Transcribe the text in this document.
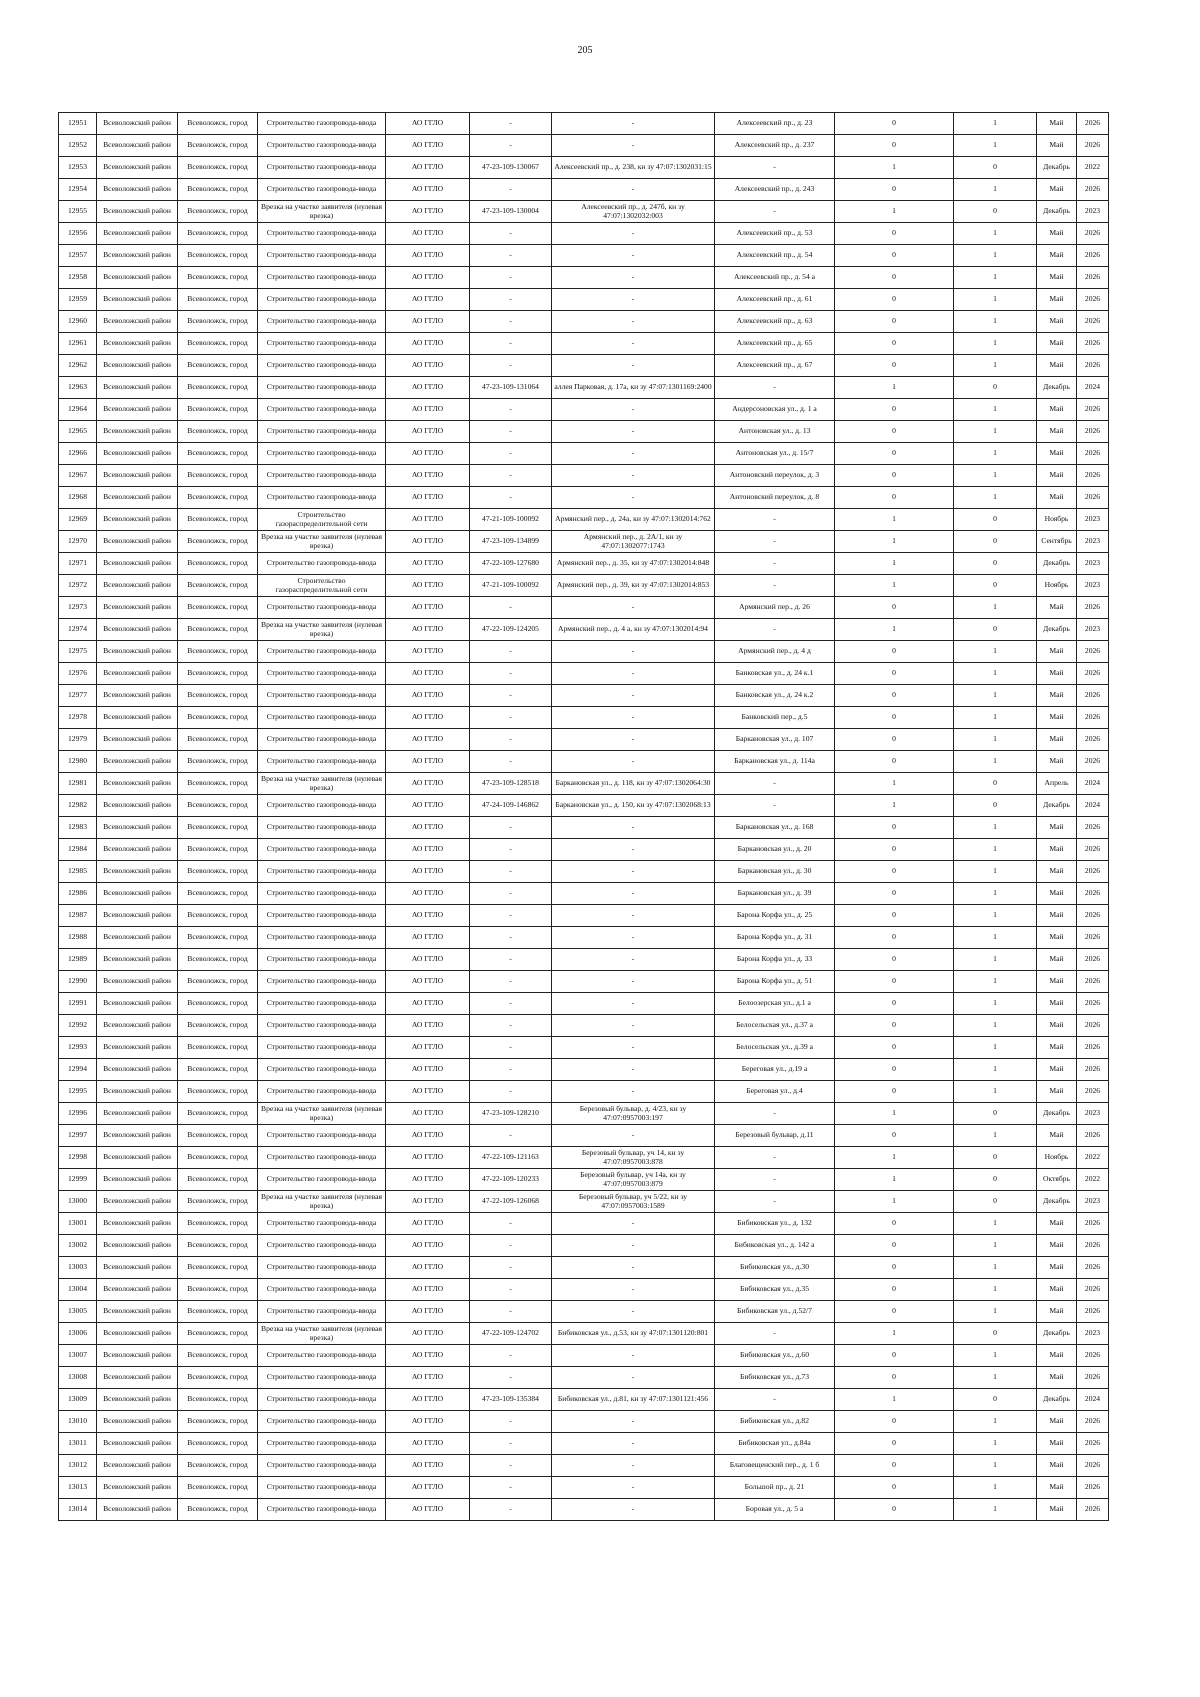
205
12951	Всеволожский район	Всеволожск, город	Строительство газопровода-ввода	АО ГГЛО	-	-	Алексеевский пр., д. 23	0	1	Май	2026
12952	Всеволожский район	Всеволожск, город	Строительство газопровода-ввода	АО ГГЛО	-	-	Алексеевский пр., д. 237	0	1	Май	2026
12953	Всеволожский район	Всеволожск, город	Строительство газопровода-ввода	АО ГГЛО	47-23-109-130067	Алексеевский пр., д. 238, кн зу 47:07:1302031:15	-	1	0	Декабрь	2022
12954	Всеволожский район	Всеволожск, город	Строительство газопровода-ввода	АО ГГЛО	-	-	Алексеевский пр., д. 243	0	1	Май	2026
12955	Всеволожский район	Всеволожск, город	Врезка на участке заявителя (нулевая врезка)	АО ГГЛО	47-23-109-130004	Алексеевский пр., д. 247б, кн зу 47:07:1302032:003	-	1	0	Декабрь	2023
12956	Всеволожский район	Всеволожск, город	Строительство газопровода-ввода	АО ГГЛО	-	-	Алексеевский пр., д. 53	0	1	Май	2026
12957	Всеволожский район	Всеволожск, город	Строительство газопровода-ввода	АО ГГЛО	-	-	Алексеевский пр., д. 54	0	1	Май	2026
12958	Всеволожский район	Всеволожск, город	Строительство газопровода-ввода	АО ГГЛО	-	-	Алексеевский пр., д. 54 а	0	1	Май	2026
12959	Всеволожский район	Всеволожск, город	Строительство газопровода-ввода	АО ГГЛО	-	-	Алексеевский пр., д. 61	0	1	Май	2026
12960	Всеволожский район	Всеволожск, город	Строительство газопровода-ввода	АО ГГЛО	-	-	Алексеевский пр., д. 63	0	1	Май	2026
12961	Всеволожский район	Всеволожск, город	Строительство газопровода-ввода	АО ГГЛО	-	-	Алексеевский пр., д. 65	0	1	Май	2026
12962	Всеволожский район	Всеволожск, город	Строительство газопровода-ввода	АО ГГЛО	-	-	Алексеевский пр., д. 67	0	1	Май	2026
12963	Всеволожский район	Всеволожск, город	Строительство газопровода-ввода	АО ГГЛО	47-23-109-131064	аллея Парковая, д. 17а, кн зу 47:07:1301169:2400	-	1	0	Декабрь	2024
12964	Всеволожский район	Всеволожск, город	Строительство газопровода-ввода	АО ГГЛО	-	-	Андерсоновская ул., д. 1 а	0	1	Май	2026
12965	Всеволожский район	Всеволожск, город	Строительство газопровода-ввода	АО ГГЛО	-	-	Антоновская ул., д. 13	0	1	Май	2026
12966	Всеволожский район	Всеволожск, город	Строительство газопровода-ввода	АО ГГЛО	-	-	Антоновская ул., д. 15/7	0	1	Май	2026
12967	Всеволожский район	Всеволожск, город	Строительство газопровода-ввода	АО ГГЛО	-	-	Антоновский переулок, д. 3	0	1	Май	2026
12968	Всеволожский район	Всеволожск, город	Строительство газопровода-ввода	АО ГГЛО	-	-	Антоновский переулок, д. 8	0	1	Май	2026
12969	Всеволожский район	Всеволожск, город	Строительство газораспределительной сети	АО ГГЛО	47-21-109-100092	Армянский пер., д. 24а, кн зу 47:07:1302014:762	-	1	0	Ноябрь	2023
12970	Всеволожский район	Всеволожск, город	Врезка на участке заявителя (нулевая врезка)	АО ГГЛО	47-23-109-134899	Армянский пер., д. 2А/1, кн зу 47:07:1302077:1743	-	1	0	Сентябрь	2023
12971	Всеволожский район	Всеволожск, город	Строительство газопровода-ввода	АО ГГЛО	47-22-109-127680	Армянский пер., д. 35, кн зу 47:07:1302014:848	-	1	0	Декабрь	2023
12972	Всеволожский район	Всеволожск, город	Строительство газораспределительной сети	АО ГГЛО	47-21-109-100092	Армянский пер., д. 39, кн зу 47:07:1302014:853	-	1	0	Ноябрь	2023
12973	Всеволожский район	Всеволожск, город	Строительство газопровода-ввода	АО ГГЛО	-	-	Армянский пер., д. 26	0	1	Май	2026
12974	Всеволожский район	Всеволожск, город	Врезка на участке заявителя (нулевая врезка)	АО ГГЛО	47-22-109-124205	Армянский пер., д. 4 а, кн зу 47:07:1302014:94	-	1	0	Декабрь	2023
12975	Всеволожский район	Всеволожск, город	Строительство газопровода-ввода	АО ГГЛО	-	-	Армянский пер., д. 4 д	0	1	Май	2026
12976	Всеволожский район	Всеволожск, город	Строительство газопровода-ввода	АО ГГЛО	-	-	Банковская ул., д. 24 к.1	0	1	Май	2026
12977	Всеволожский район	Всеволожск, город	Строительство газопровода-ввода	АО ГГЛО	-	-	Банковская ул., д. 24 к.2	0	1	Май	2026
12978	Всеволожский район	Всеволожск, город	Строительство газопровода-ввода	АО ГГЛО	-	-	Банковский пер., д.5	0	1	Май	2026
12979	Всеволожский район	Всеволожск, город	Строительство газопровода-ввода	АО ГГЛО	-	-	Баркановская ул., д. 107	0	1	Май	2026
12980	Всеволожский район	Всеволожск, город	Строительство газопровода-ввода	АО ГГЛО	-	-	Баркановская ул., д. 114а	0	1	Май	2026
12981	Всеволожский район	Всеволожск, город	Врезка на участке заявителя (нулевая врезка)	АО ГГЛО	47-23-109-128518	Баркановская ул., д. 118, кн зу 47:07:1302064:30	-	1	0	Апрель	2024
12982	Всеволожский район	Всеволожск, город	Строительство газопровода-ввода	АО ГГЛО	47-24-109-146862	Баркановская ул., д. 150, кн зу 47:07:1302068:13	-	1	0	Декабрь	2024
12983	Всеволожский район	Всеволожск, город	Строительство газопровода-ввода	АО ГГЛО	-	-	Баркановская ул., д. 168	0	1	Май	2026
12984	Всеволожский район	Всеволожск, город	Строительство газопровода-ввода	АО ГГЛО	-	-	Баркановская ул., д. 20	0	1	Май	2026
12985	Всеволожский район	Всеволожск, город	Строительство газопровода-ввода	АО ГГЛО	-	-	Баркановская ул., д. 30	0	1	Май	2026
12986	Всеволожский район	Всеволожск, город	Строительство газопровода-ввода	АО ГГЛО	-	-	Баркановская ул., д. 39	0	1	Май	2026
12987	Всеволожский район	Всеволожск, город	Строительство газопровода-ввода	АО ГГЛО	-	-	Барона Корфа ул., д. 25	0	1	Май	2026
12988	Всеволожский район	Всеволожск, город	Строительство газопровода-ввода	АО ГГЛО	-	-	Барона Корфа ул., д. 31	0	1	Май	2026
12989	Всеволожский район	Всеволожск, город	Строительство газопровода-ввода	АО ГГЛО	-	-	Барона Корфа ул., д. 33	0	1	Май	2026
12990	Всеволожский район	Всеволожск, город	Строительство газопровода-ввода	АО ГГЛО	-	-	Барона Корфа ул., д. 51	0	1	Май	2026
12991	Всеволожский район	Всеволожск, город	Строительство газопровода-ввода	АО ГГЛО	-	-	Белоозерская ул., д.1 а	0	1	Май	2026
12992	Всеволожский район	Всеволожск, город	Строительство газопровода-ввода	АО ГГЛО	-	-	Белосельская ул., д.37 а	0	1	Май	2026
12993	Всеволожский район	Всеволожск, город	Строительство газопровода-ввода	АО ГГЛО	-	-	Белосельская ул., д.39 а	0	1	Май	2026
12994	Всеволожский район	Всеволожск, город	Строительство газопровода-ввода	АО ГГЛО	-	-	Береговая ул., д.19 а	0	1	Май	2026
12995	Всеволожский район	Всеволожск, город	Строительство газопровода-ввода	АО ГГЛО	-	-	Береговая ул., д.4	0	1	Май	2026
12996	Всеволожский район	Всеволожск, город	Врезка на участке заявителя (нулевая врезка)	АО ГГЛО	47-23-109-128210	Березовый бульвар, д. 4/23, кн зу 47:07:0957003:197	-	1	0	Декабрь	2023
12997	Всеволожский район	Всеволожск, город	Строительство газопровода-ввода	АО ГГЛО	-	-	Березовый бульвар, д.11	0	1	Май	2026
12998	Всеволожский район	Всеволожск, город	Строительство газопровода-ввода	АО ГГЛО	47-22-109-121163	Березовый бульвар, уч 14, кн зу 47:07:0957003:878	-	1	0	Ноябрь	2022
12999	Всеволожский район	Всеволожск, город	Строительство газопровода-ввода	АО ГГЛО	47-22-109-120233	Березовый бульвар, уч 14а, кн зу 47:07:0957003:879	-	1	0	Октябрь	2022
13000	Всеволожский район	Всеволожск, город	Врезка на участке заявителя (нулевая врезка)	АО ГГЛО	47-22-109-126068	Березовый бульвар, уч 5/22, кн зу 47:07:0957003:1589	-	1	0	Декабрь	2023
13001	Всеволожский район	Всеволожск, город	Строительство газопровода-ввода	АО ГГЛО	-	-	Бибиковская ул., д. 132	0	1	Май	2026
13002	Всеволожский район	Всеволожск, город	Строительство газопровода-ввода	АО ГГЛО	-	-	Бибиковская ул., д. 142 а	0	1	Май	2026
13003	Всеволожский район	Всеволожск, город	Строительство газопровода-ввода	АО ГГЛО	-	-	Бибиковская ул., д.30	0	1	Май	2026
13004	Всеволожский район	Всеволожск, город	Строительство газопровода-ввода	АО ГГЛО	-	-	Бибиковская ул., д.35	0	1	Май	2026
13005	Всеволожский район	Всеволожск, город	Строительство газопровода-ввода	АО ГГЛО	-	-	Бибиковская ул., д.52/7	0	1	Май	2026
13006	Всеволожский район	Всеволожск, город	Врезка на участке заявителя (нулевая врезка)	АО ГГЛО	47-22-109-124702	Бибиковская ул., д.53, кн зу 47:07:1301120:801	-	1	0	Декабрь	2023
13007	Всеволожский район	Всеволожск, город	Строительство газопровода-ввода	АО ГГЛО	-	-	Бибиковская ул., д.60	0	1	Май	2026
13008	Всеволожский район	Всеволожск, город	Строительство газопровода-ввода	АО ГГЛО	-	-	Бибиковская ул., д.73	0	1	Май	2026
13009	Всеволожский район	Всеволожск, город	Строительство газопровода-ввода	АО ГГЛО	47-23-109-135384	Бибиковская ул., д.81, кн зу 47:07:1301121:456	-	1	0	Декабрь	2024
13010	Всеволожский район	Всеволожск, город	Строительство газопровода-ввода	АО ГГЛО	-	-	Бибиковская ул., д.82	0	1	Май	2026
13011	Всеволожский район	Всеволожск, город	Строительство газопровода-ввода	АО ГГЛО	-	-	Бибиковская ул., д.84а	0	1	Май	2026
13012	Всеволожский район	Всеволожск, город	Строительство газопровода-ввода	АО ГГЛО	-	-	Благовещенский пер., д. 1 б	0	1	Май	2026
13013	Всеволожский район	Всеволожск, город	Строительство газопровода-ввода	АО ГГЛО	-	-	Большой пр., д. 21	0	1	Май	2026
13014	Всеволожский район	Всеволожск, город	Строительство газопровода-ввода	АО ГГЛО	-	-	Боровая ул., д. 5 а	0	1	Май	2026
